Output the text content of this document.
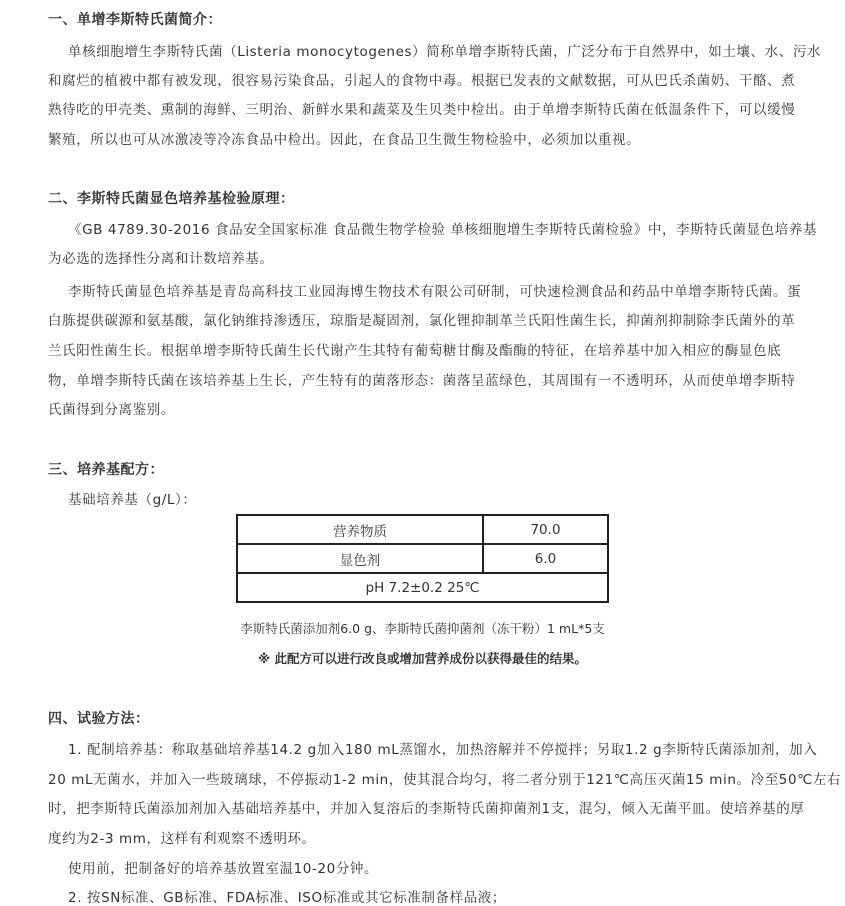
一、单增李斯特氏菌简介：
单核细胞增生李斯特氏菌（Listeria monocytogenes）简称单增李斯特氏菌，广泛分布于自然界中，如土壤、水、污水
和腐烂的植被中都有被发现，很容易污染食品，引起人的食物中毒。根据已发表的文献数据，可从巴氏杀菌奶、干酪、煮
熟待吃的甲壳类、熏制的海鲜、三明治、新鲜水果和蔬菜及生贝类中检出。由于单增李斯特氏菌在低温条件下，可以缓慢
繁殖，所以也可从冰激凌等冷冻食品中检出。因此，在食品卫生微生物检验中，必须加以重视。
二、李斯特氏菌显色培养基检验原理：
《GB 4789.30-2016 食品安全国家标准 食品微生物学检验 单核细胞增生李斯特氏菌检验》中，李斯特氏菌显色培养基
为必选的选择性分离和计数培养基。
李斯特氏菌显色培养基是青岛高科技工业园海博生物技术有限公司研制，可快速检测食品和药品中单增李斯特氏菌。蛋
白胨提供碳源和氨基酸，氯化钠维持渗透压，琼脂是凝固剂，氯化锂抑制革兰氏阳性菌生长，抑菌剂抑制除李氏菌外的革
兰氏阳性菌生长。根据单增李斯特氏菌生长代谢产生其特有葡萄糖甘酶及酯酶的特征，在培养基中加入相应的酶显色底
物，单增李斯特氏菌在该培养基上生长，产生特有的菌落形态：菌落呈蓝绿色，其周围有一不透明环，从而使单增李斯特
氏菌得到分离鉴别。
三、培养基配方：
基础培养基（g/L）：
营养物质	70.0
显色剂	6.0
pH 7.2±0.2 25℃	
李斯特氏菌添加剂6.0 g、李斯特氏菌抑菌剂（冻干粉）1 mL*5支
※ 此配方可以进行改良或增加营养成份以获得最佳的结果。
四、试验方法：
1. 配制培养基：称取基础培养基14.2 g加入180 mL蒸馏水，加热溶解并不停搅拌；另取1.2 g李斯特氏菌添加剂，加入
20 mL无菌水，并加入一些玻璃球，不停振动1-2 min，使其混合均匀，将二者分别于121℃高压灭菌15 min。冷至50℃左右
时，把李斯特氏菌添加剂加入基础培养基中，并加入复溶后的李斯特氏菌抑菌剂1支，混匀，倾入无菌平皿。使培养基的厚
度约为2-3 mm，这样有利观察不透明环。
使用前，把制备好的培养基放置室温10-20分钟。
2. 按SN标准、GB标准、FDA标准、ISO标准或其它标准制备样品液；
